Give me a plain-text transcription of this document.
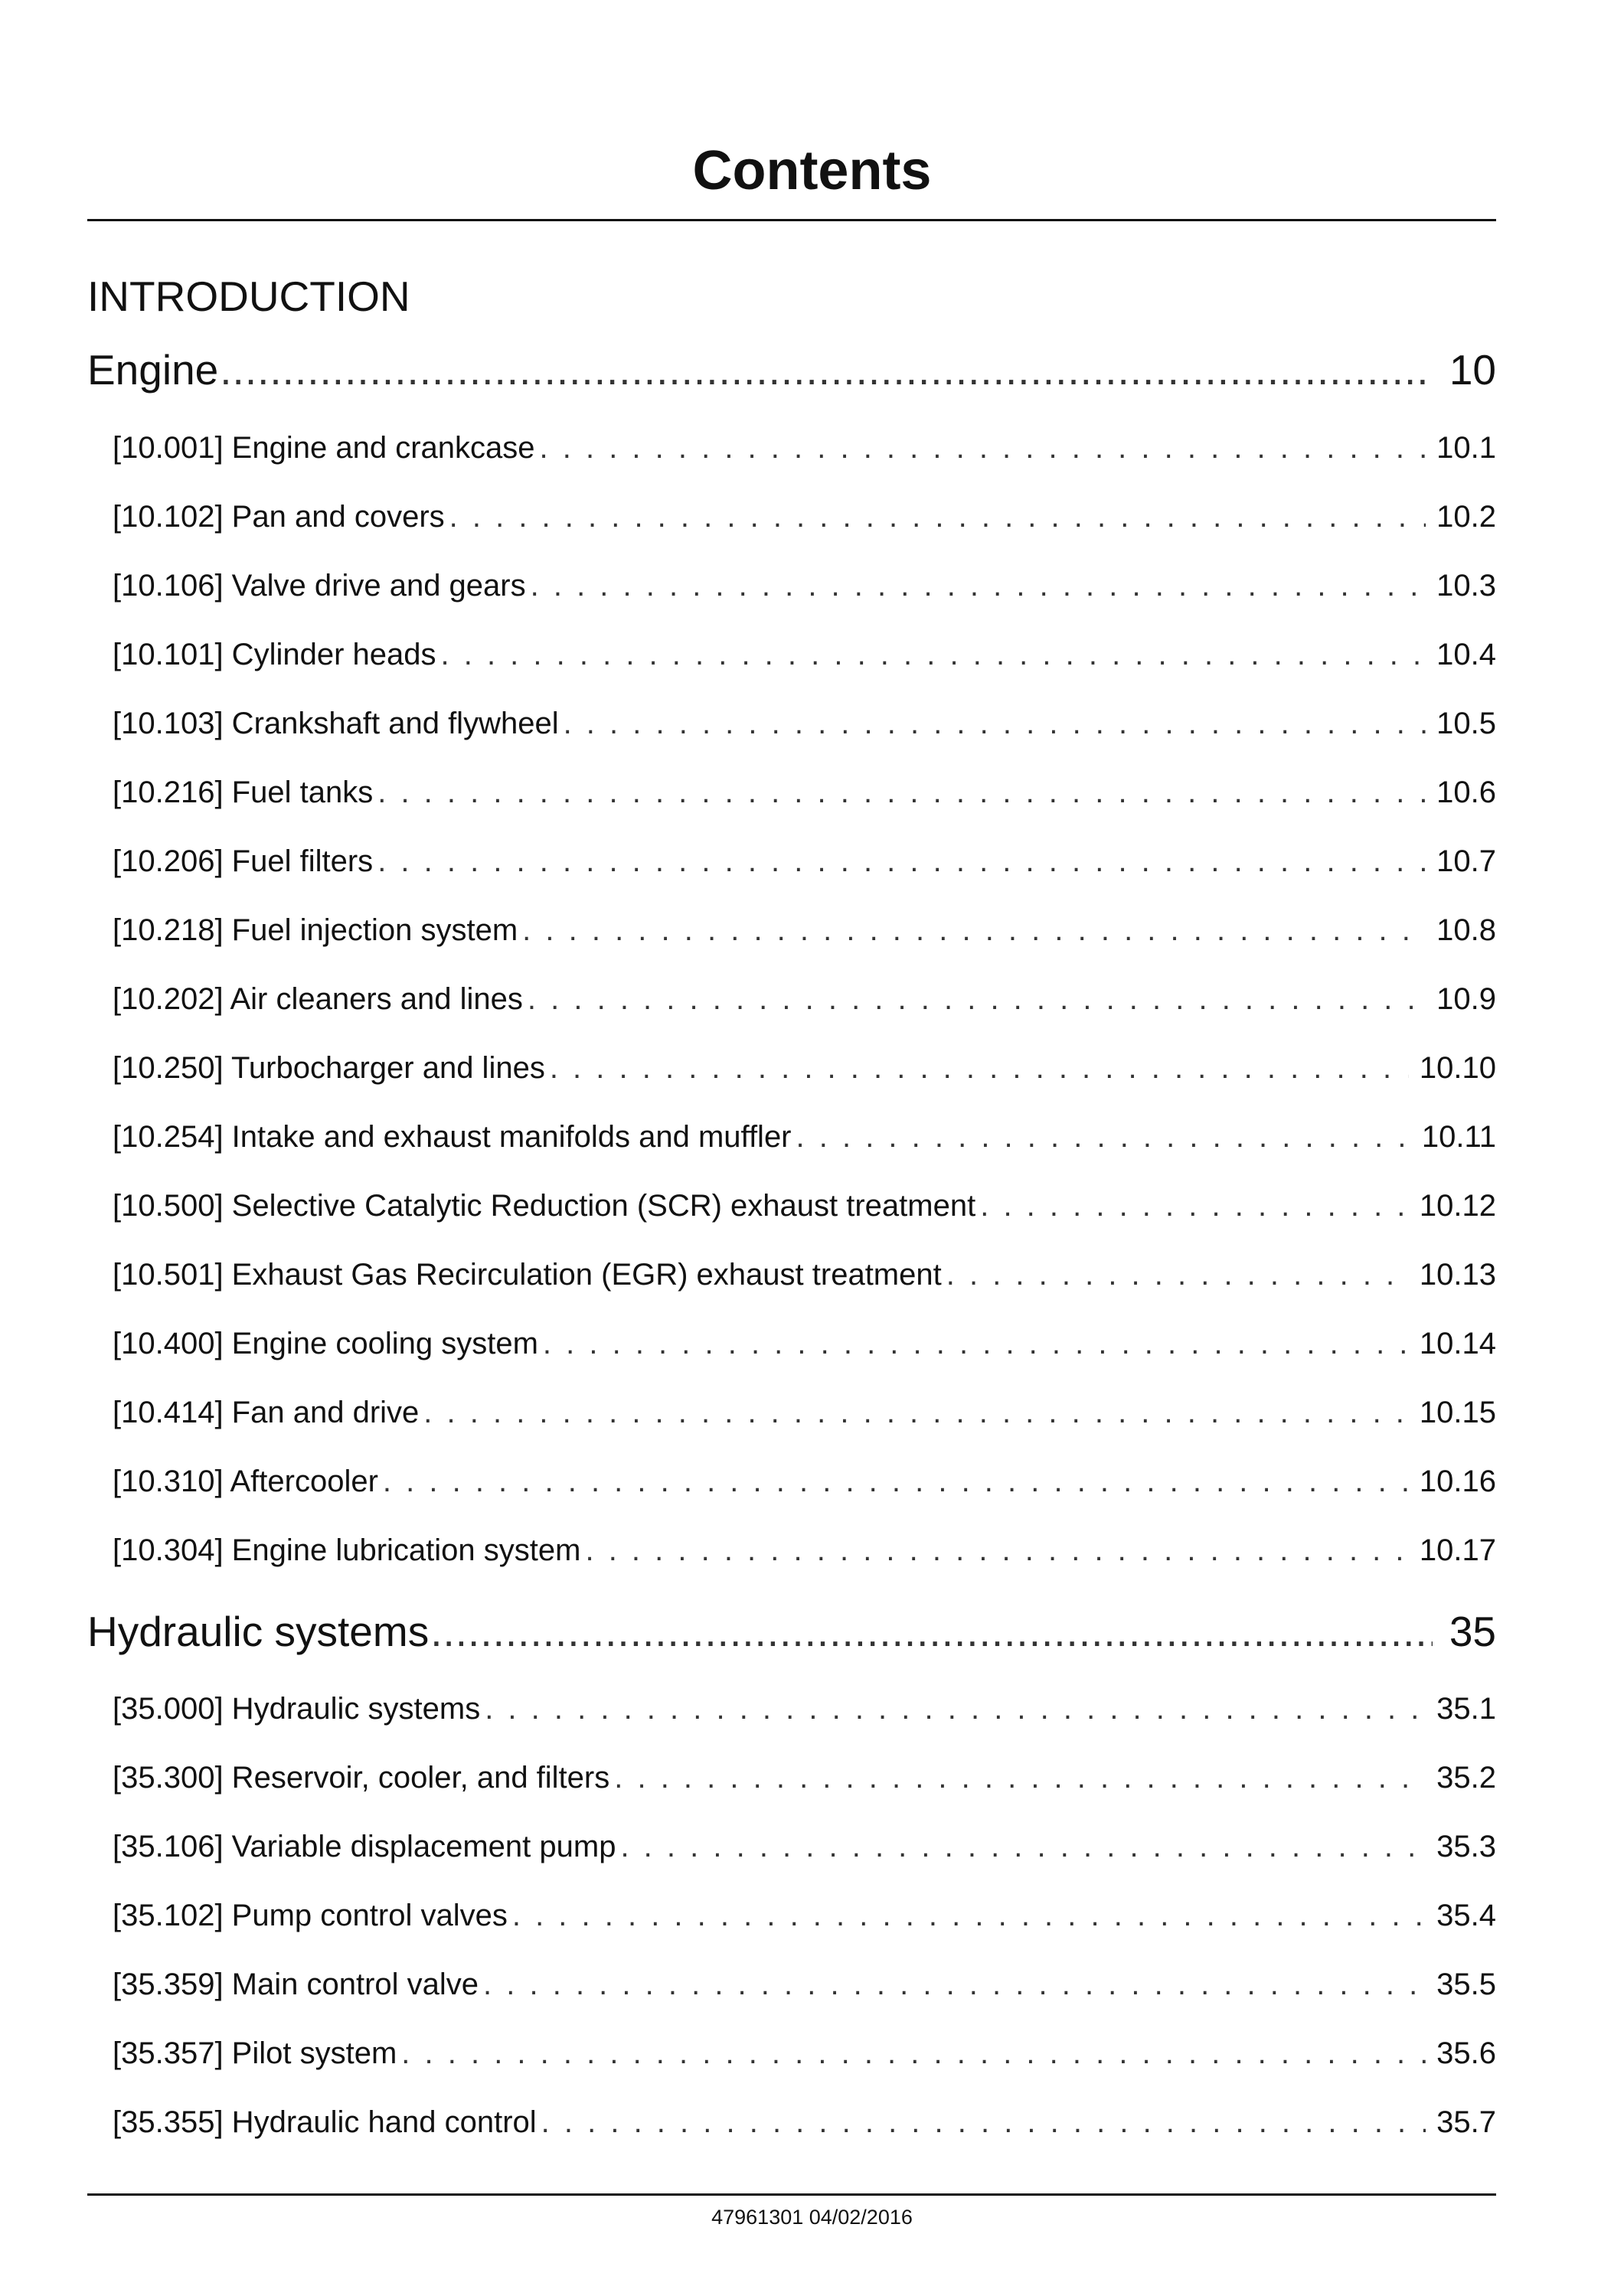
Contents
INTRODUCTION
Engine .....	10
[10.001] Engine and crankcase . . .	10.1
[10.102] Pan and covers . . .	10.2
[10.106] Valve drive and gears . . .	10.3
[10.101] Cylinder heads . . .	10.4
[10.103] Crankshaft and flywheel . . .	10.5
[10.216] Fuel tanks . . .	10.6
[10.206] Fuel filters . . .	10.7
[10.218] Fuel injection system . . .	10.8
[10.202] Air cleaners and lines . . .	10.9
[10.250] Turbocharger and lines . . .	10.10
[10.254] Intake and exhaust manifolds and muffler . . .	10.11
[10.500] Selective Catalytic Reduction (SCR) exhaust treatment . . .	10.12
[10.501] Exhaust Gas Recirculation (EGR) exhaust treatment . . .	10.13
[10.400] Engine cooling system . . .	10.14
[10.414] Fan and drive . . .	10.15
[10.310] Aftercooler . . .	10.16
[10.304] Engine lubrication system . . .	10.17
Hydraulic systems .....	35
[35.000] Hydraulic systems . . .	35.1
[35.300] Reservoir, cooler, and filters . . .	35.2
[35.106] Variable displacement pump . . .	35.3
[35.102] Pump control valves . . .	35.4
[35.359] Main control valve . . .	35.5
[35.357] Pilot system . . .	35.6
[35.355] Hydraulic hand control . . .	35.7
47961301 04/02/2016
